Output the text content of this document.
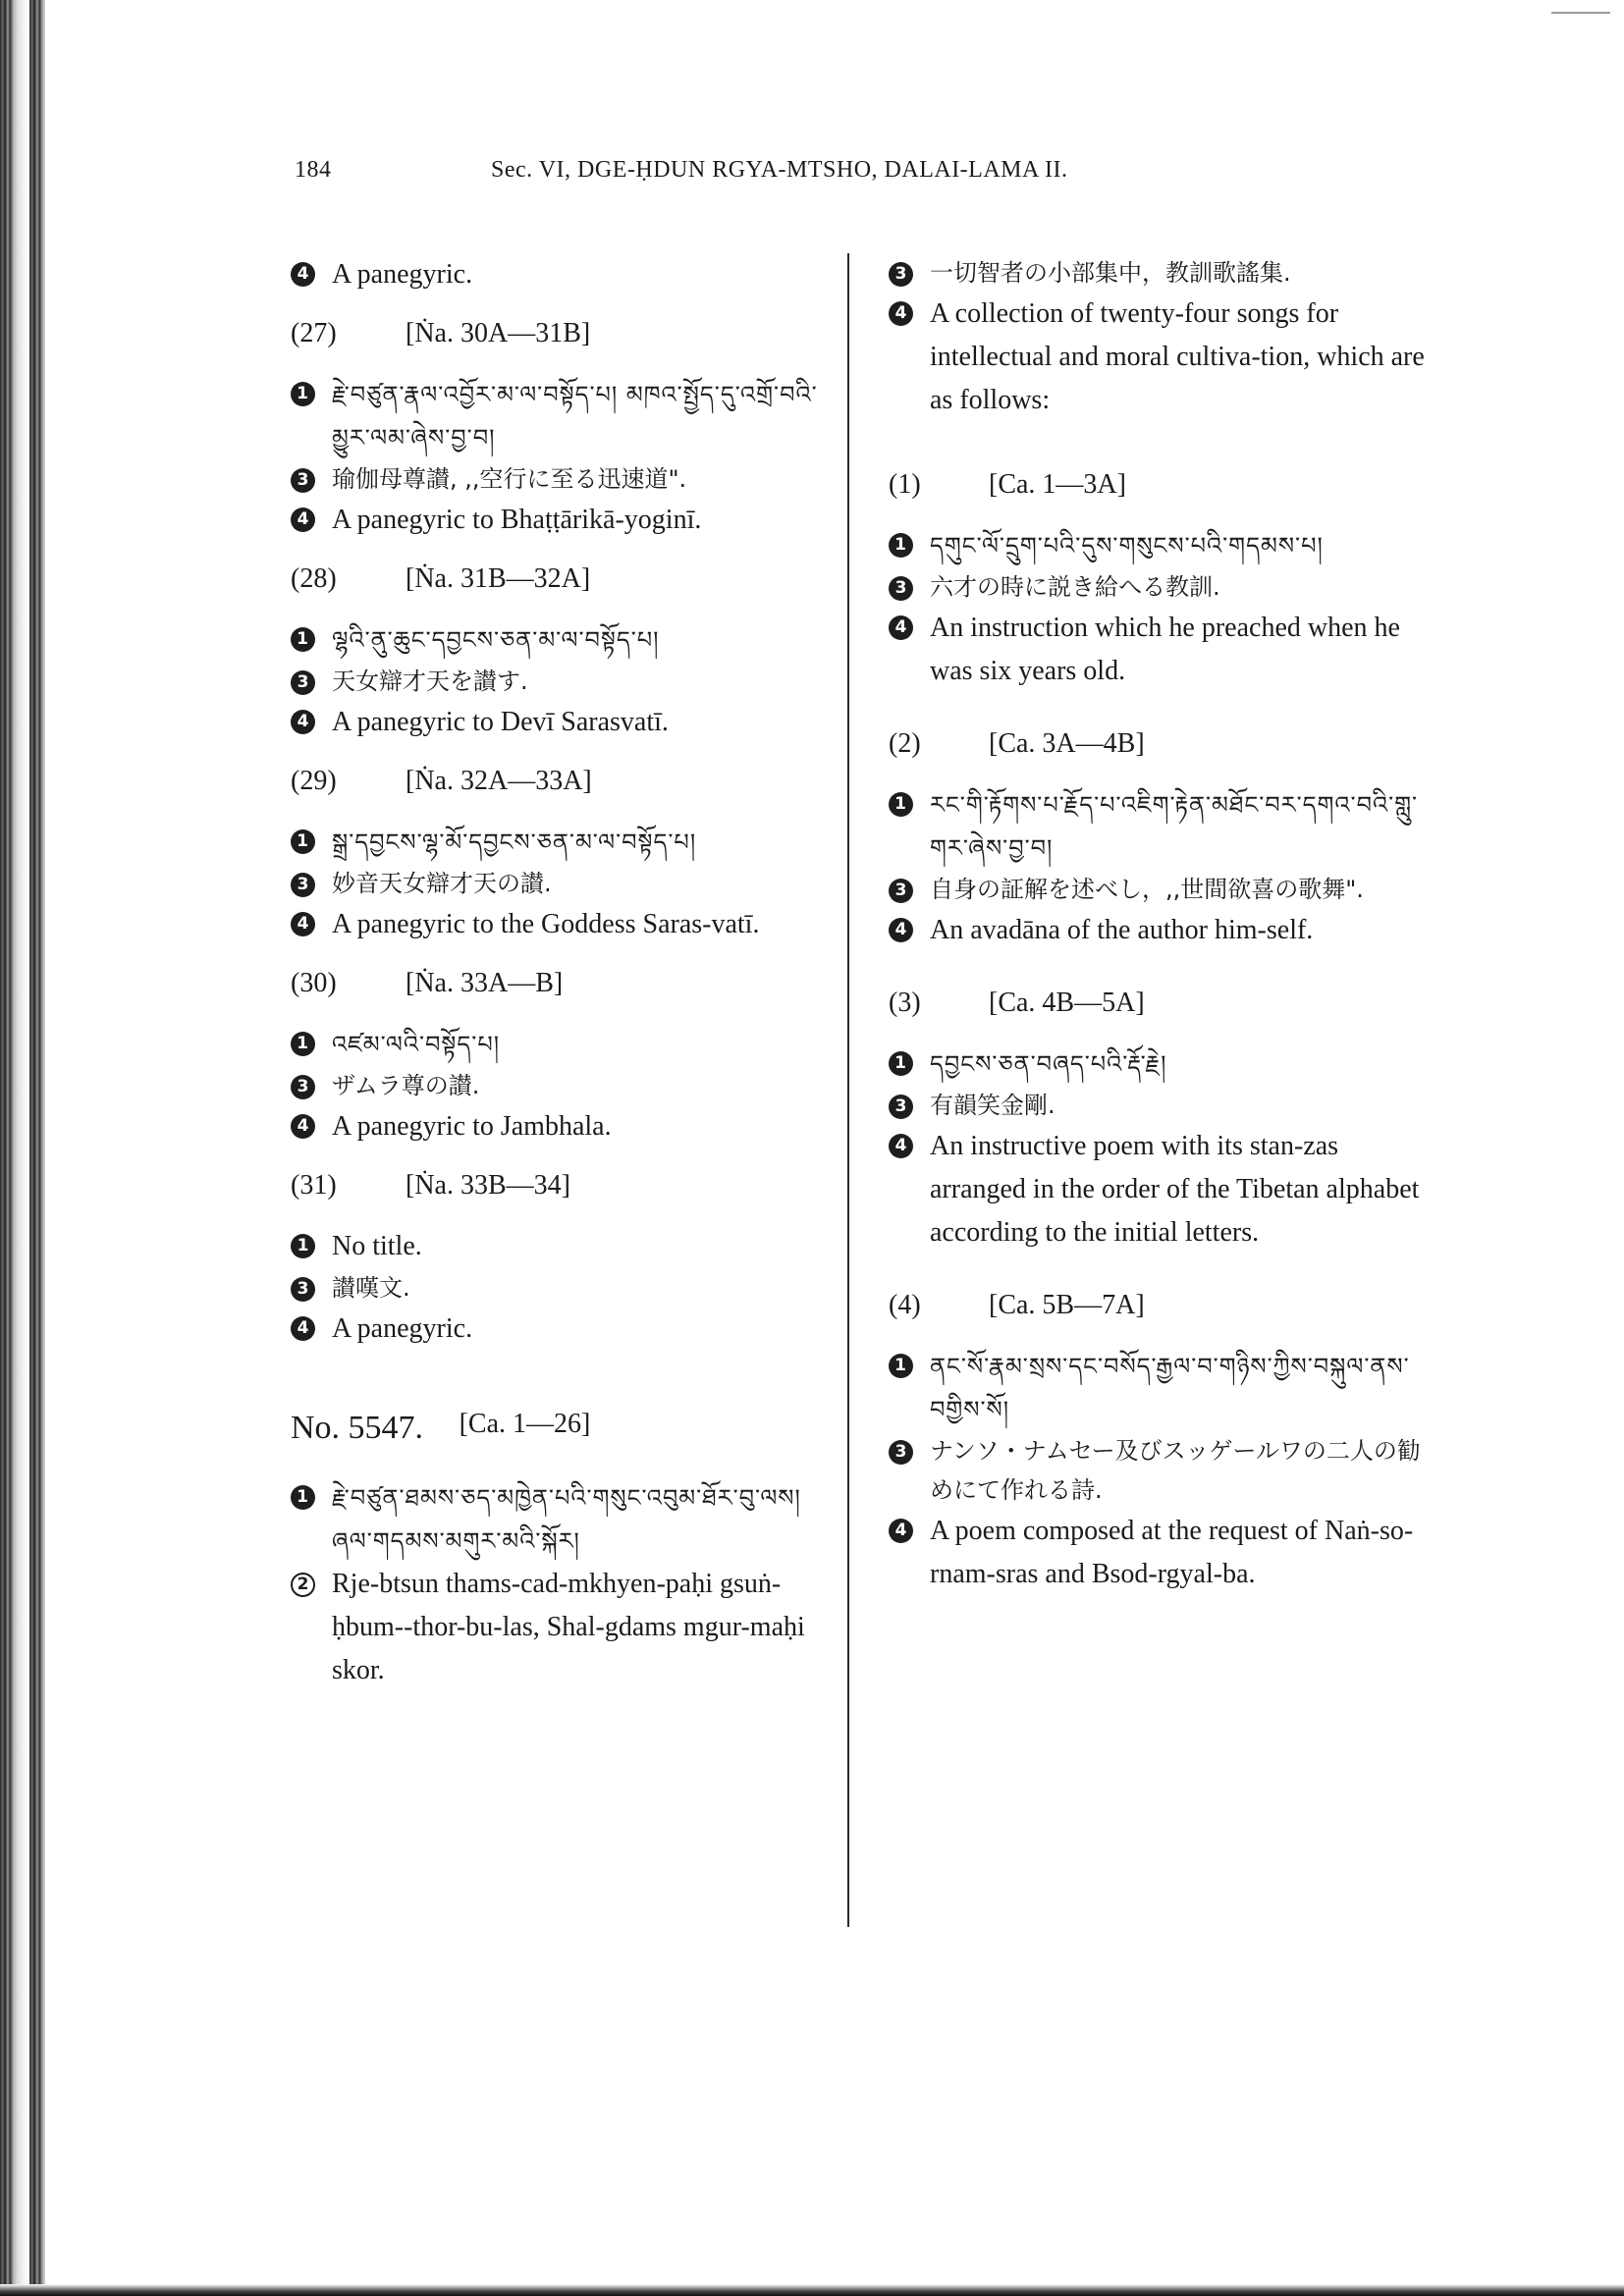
184	Sec. VI, DGE-ḤDUN RGYA-MTSHO, DALAI-LAMA II.
4 A panegyric.
(27)	[Ṅa. 30A—31B]
1 རྗེ་བཙུན་རྣལ་འབྱོར་མ་ལ་བསྟོད་པ། མཁའ་སྤྱོད་དུ་འགྲོ་བའི་མྱུར་ལམ་ཞེས་བྱ་བ།
3 瑜伽母尊讃, ,,空行に至る迅速道".
4 A panegyric to Bhaṭṭārikā-yoginī.
(28)	[Ṅa. 31B—32A]
1 ལྷའི་ནུ་ཆུང་དབྱངས་ཅན་མ་ལ་བསྟོད་པ།
3 天女辯才天を讃す.
4 A panegyric to Devī Sarasvatī.
(29)	[Ṅa. 32A—33A]
1 སྒྲ་དབྱངས་ལྷ་མོ་དབྱངས་ཅན་མ་ལ་བསྟོད་པ།
3 妙音天女辯才天の讃.
4 A panegyric to the Goddess Saras-vatī.
(30)	[Ṅa. 33A—B]
1 འཛམ་ལའི་བསྟོད་པ།
3 ザムラ尊の讃.
4 A panegyric to Jambhala.
(31)	[Ṅa. 33B—34]
1 No title.
3 讃嘆文.
4 A panegyric.
No. 5547. [Ca. 1—26]
1 རྗེ་བཙུན་ཐམས་ཅད་མཁྱེན་པའི་གསུང་འབུམ་ཐོར་བུ་ལས། ཞལ་གདམས་མགུར་མའི་སྐོར།
2 Rje-btsun thams-cad-mkhyen-paḥi gsuṅ-ḥbum--thor-bu-las, Shal-gdams mgur-maḥi skor.
3 一切智者の小部集中，教訓歌謠集.
4 A collection of twenty-four songs for intellectual and moral cultiva-tion, which are as follows:
(1) [Ca. 1—3A]
1 དགུང་ལོ་དྲུག་པའི་དུས་གསུངས་པའི་གདམས་པ།
3 六才の時に説き給へる教訓.
4 An instruction which he preached when he was six years old.
(2) [Ca. 3A—4B]
1 རང་གི་རྟོགས་པ་རྗོད་པ་འཇིག་རྟེན་མཐོང་བར་དགའ་བའི་གླུ་གར་ཞེས་བྱ་བ།
3 自身の証解を述べし，,,世間欲喜の歌舞".
4 An avadāna of the author him-self.
(3) [Ca. 4B—5A]
1 དབྱངས་ཅན་བཞད་པའི་རྡོ་རྗེ།
3 有韻笑金剛.
4 An instructive poem with its stan-zas arranged in the order of the Tibetan alphabet according to the initial letters.
(4) [Ca. 5B—7A]
1 ནང་སོ་རྣམ་སྲས་དང་བསོད་རྒྱལ་བ་གཉིས་ཀྱིས་བསྐུལ་ནས་བགྱིས་སོ།
3 ナンソ・ナムセー及びスッゲールワの二人の勧めにて作れる詩.
4 A poem composed at the request of Naṅ-so-rnam-sras and Bsod-rgyal-ba.
